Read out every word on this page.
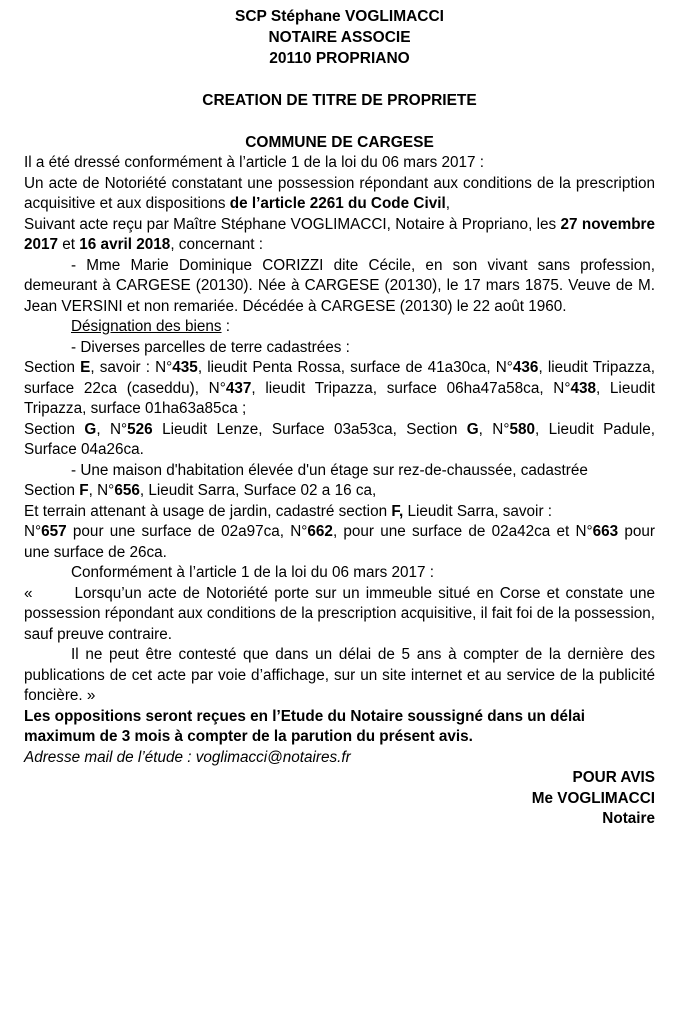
SCP Stéphane VOGLIMACCI
NOTAIRE ASSOCIE
20110 PROPRIANO
CREATION DE TITRE DE PROPRIETE
COMMUNE DE CARGESE

Il a été dressé conformément à l’article 1 de la loi du 06 mars 2017 :

Un acte de Notoriété constatant une possession répondant aux conditions de la prescription acquisitive et aux dispositions de l’article 2261 du Code Civil,

Suivant acte reçu par Maître Stéphane VOGLIMACCI, Notaire à Propriano, les 27 novembre 2017 et 16 avril 2018, concernant :

- Mme Marie Dominique CORIZZI dite Cécile, en son vivant sans profession, demeurant à CARGESE (20130). Née à CARGESE (20130), le 17 mars 1875. Veuve de M. Jean VERSINI et non remariée. Décédée à CARGESE (20130) le 22 août 1960.

Désignation des biens :

- Diverses parcelles de terre cadastrées :

Section E, savoir : N°435, lieudit Penta Rossa, surface de 41a30ca, N°436, lieudit Tripazza, surface 22ca (caseddu), N°437, lieudit Tripazza, surface 06ha47a58ca, N°438, Lieudit Tripazza, surface 01ha63a85ca ;

Section G, N°526 Lieudit Lenze, Surface 03a53ca, Section G, N°580, Lieudit Padule, Surface 04a26ca.

- Une maison d'habitation élevée d'un étage sur rez-de-chaussée, cadastrée

Section F, N°656, Lieudit Sarra, Surface 02 a 16 ca,

Et terrain attenant à usage de jardin, cadastré section F, Lieudit Sarra, savoir :

N°657 pour une surface de 02a97ca, N°662, pour une surface de 02a42ca et N°663 pour une surface de 26ca.

Conformément à l’article 1 de la loi du 06 mars 2017 :

«	Lorsqu’un acte de Notoriété porte sur un immeuble situé en Corse et constate une possession répondant aux conditions de la prescription acquisitive, il fait foi de la possession, sauf preuve contraire.

Il ne peut être contesté que dans un délai de 5 ans à compter de la dernière des publications de cet acte par voie d’affichage, sur un site internet et au service de la publicité foncière. »

Les oppositions seront reçues en l’Etude du Notaire soussigné dans un délai maximum de 3 mois à compter de la parution du présent avis.

Adresse mail de l’étude : voglimacci@notaires.fr

POUR AVIS
Me VOGLIMACCI
Notaire
